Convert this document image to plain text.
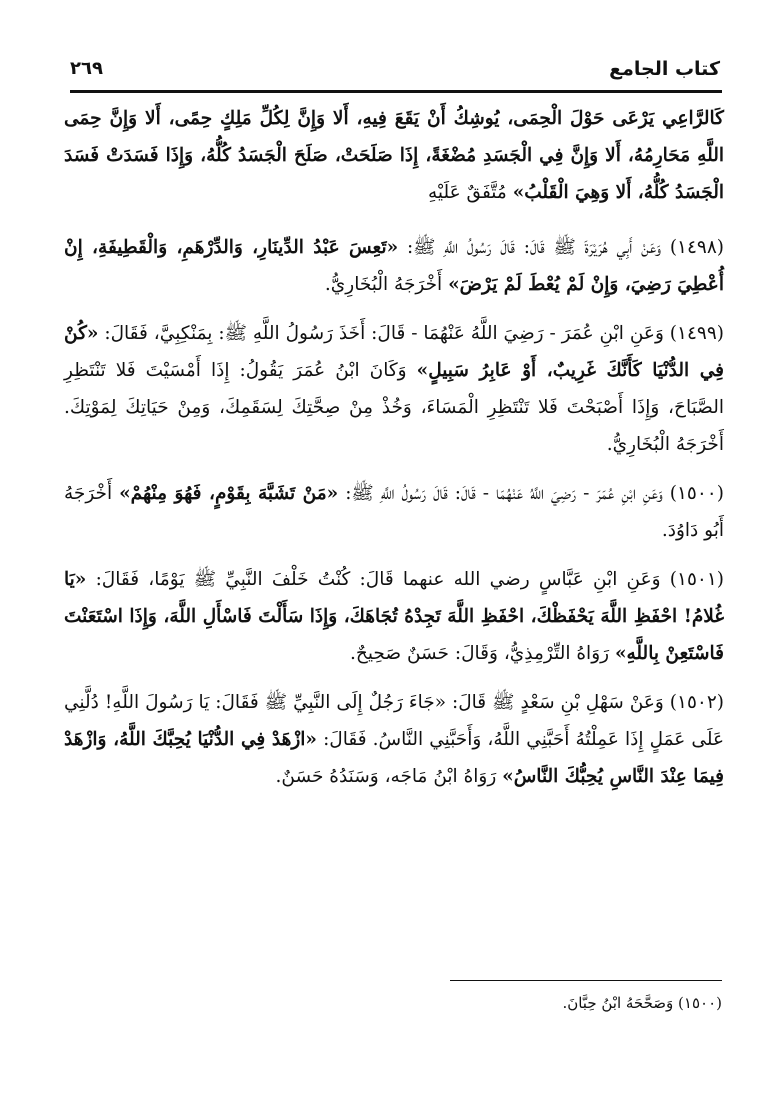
كتاب الجامع
٢٦٩

كَالرَّاعِي يَرْعَى حَوْلَ الْحِمَى، يُوشِكُ أَنْ يَقَعَ فِيهِ، أَلا وَإِنَّ لِكُلِّ مَلِكٍ حِمًى، أَلا وَإِنَّ حِمَى اللَّهِ مَحَارِمُهُ، أَلا وَإِنَّ فِي الْجَسَدِ مُضْغَةً، إِذَا صَلَحَتْ، صَلَحَ الْجَسَدُ كُلُّهُ، وَإِذَا فَسَدَتْ فَسَدَ الْجَسَدُ كُلُّهُ، أَلا وَهِيَ الْقَلْبُ» مُتَّفَقٌ عَلَيْهِ

(١٤٩٨) وَعَنْ أَبِي هُرَيْرَةَ ﷺ قَالَ: قَالَ رَسُولُ اللَّهِ ﷺ: «تَعِسَ عَبْدُ الدِّينَارِ، وَالدِّرْهَمِ، وَالْقَطِيفَةِ، إِنْ أُعْطِيَ رَضِيَ، وَإِنْ لَمْ يُعْطَ لَمْ يَرْضَ» أَخْرَجَهُ الْبُخَارِيُّ.

(١٤٩٩) وَعَنِ ابْنِ عُمَرَ - رَضِيَ اللَّهُ عَنْهُمَا - قَالَ: أَخَذَ رَسُولُ اللَّهِ ﷺ: بِمَنْكِبِيَّ، فَقَالَ: «كُنْ فِي الدُّنْيَا كَأَنَّكَ غَرِيبٌ، أَوْ عَابِرُ سَبِيلٍ» وَكَانَ ابْنُ عُمَرَ يَقُولُ: إِذَا أَمْسَيْتَ فَلا تَنْتَظِرِ الصَّبَاحَ، وَإِذَا أَصْبَحْتَ فَلا تَنْتَظِرِ الْمَسَاءَ، وَخُذْ مِنْ صِحَّتِكَ لِسَقَمِكَ، وَمِنْ حَيَاتِكَ لِمَوْتِكَ. أَخْرَجَهُ الْبُخَارِيُّ.

(١٥٠٠) وَعَنِ ابْنِ عُمَرَ - رَضِيَ اللَّهُ عَنْهُمَا - قَالَ: قَالَ رَسُولُ اللَّهِ ﷺ: «مَنْ تَشَبَّهَ بِقَوْمٍ، فَهُوَ مِنْهُمْ» أَخْرَجَهُ أَبُو دَاوُدَ.

(١٥٠١) وَعَنِ ابْنِ عَبَّاسٍ رضي الله عنهما قَالَ: كُنْتُ خَلْفَ النَّبِيِّ ﷺ يَوْمًا، فَقَالَ: «يَا غُلامُ! احْفَظِ اللَّهَ يَحْفَظْكَ، احْفَظِ اللَّهَ تَجِدْهُ تُجَاهَكَ، وَإِذَا سَأَلْتَ فَاسْأَلِ اللَّهَ، وَإِذَا اسْتَعَنْتَ فَاسْتَعِنْ بِاللَّهِ» رَوَاهُ التِّرْمِذِيُّ، وَقَالَ: حَسَنٌ صَحِيحٌ.

(١٥٠٢) وَعَنْ سَهْلِ بْنِ سَعْدٍ ﷺ قَالَ: «جَاءَ رَجُلٌ إِلَى النَّبِيِّ ﷺ فَقَالَ: يَا رَسُولَ اللَّهِ! دُلَّنِي عَلَى عَمَلٍ إِذَا عَمِلْتُهُ أَحَبَّنِي اللَّهُ، وَأَحَبَّنِي النَّاسُ. فَقَالَ: «ازْهَدْ فِي الدُّنْيَا يُحِبَّكَ اللَّهُ، وَازْهَدْ فِيمَا عِنْدَ النَّاسِ يُحِبُّكَ النَّاسُ» رَوَاهُ ابْنُ مَاجَه، وَسَنَدُهُ حَسَنٌ.

(١٥٠٠) وَصَحَّحَهُ ابْنُ حِبَّانَ.
